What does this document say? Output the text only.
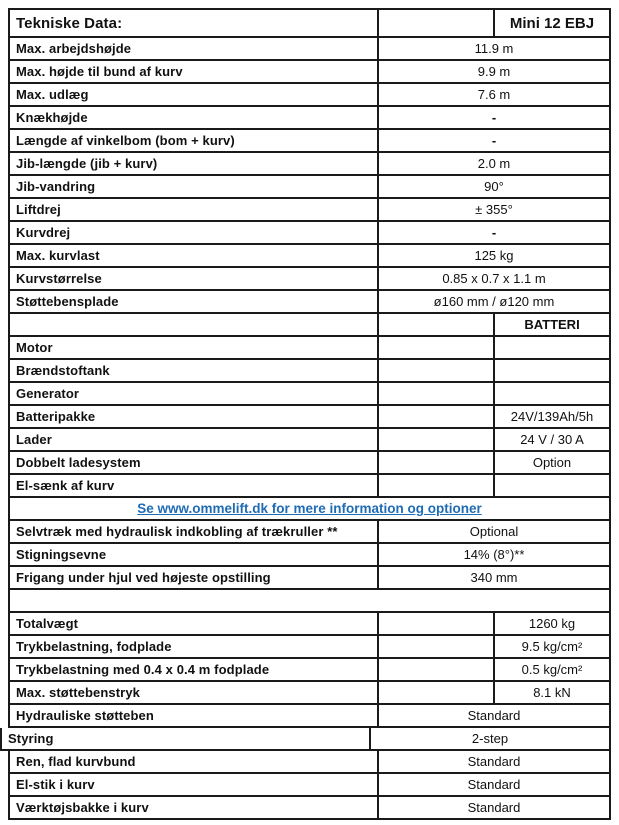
Tekniske Data:	Mini 12 EBJ
Max. arbejdshøjde	11.9 m
Max. højde til bund af kurv	9.9 m
Max. udlæg	7.6 m
Knækhøjde	-
Længde af vinkelbom (bom + kurv)	-
Jib-længde (jib + kurv)	2.0 m
Jib-vandring	90°
Liftdrej	± 355°
Kurvdrej	-
Max. kurvlast	125 kg
Kurvstørrelse	0.85 x 0.7 x 1.1 m
Støttebensplade	ø160 mm / ø120 mm
BATTERI
Motor
Brændstoftank
Generator
Batteripakke	24V/139Ah/5h
Lader	24 V / 30 A
Dobbelt ladesystem	Option
El-sænk af kurv
Se www.ommelift.dk for mere information og optioner
Selvtræk med hydraulisk indkobling af trækruller **	Optional
Stigningsevne	14% (8°)**
Frigang under hjul ved højeste opstilling	340 mm
Totalvægt	1260 kg
Trykbelastning, fodplade	9.5 kg/cm²
Trykbelastning med 0.4 x 0.4 m fodplade	0.5 kg/cm²
Max. støttebenstryk	8.1 kN
Hydrauliske støtteben	Standard
Styring	2-step
Ren, flad kurvbund	Standard
El-stik i kurv	Standard
Værktøjsbakke i kurv	Standard
